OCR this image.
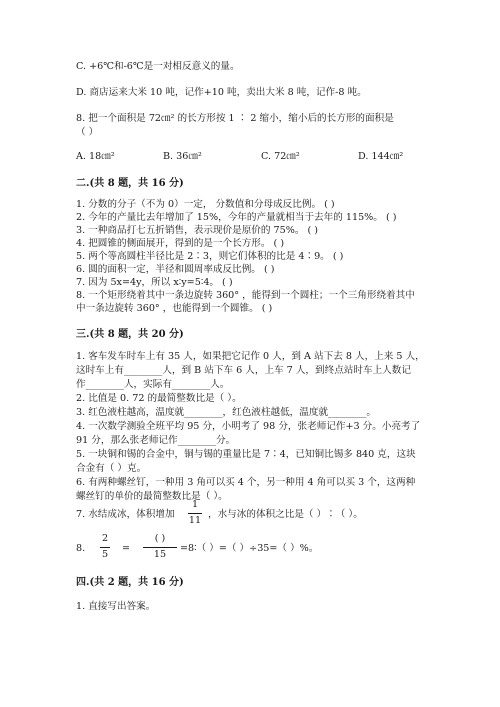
C. +6℃和-6℃是一对相反意义的量。
D. 商店运来大米 10 吨，记作+10 吨，卖出大米 8 吨，记作-8 吨。
8. 把一个面积是 72㎝² 的长方形按 1 ∶ 2 缩小，缩小后的长方形的面积是
（ ）
A. 18㎝²	B. 36㎝²	C. 72㎝²	D. 144㎝²
二.(共 8 题，共 16 分)
1. 分数的分子（不为 0）一定， 分数值和分母成反比例。 ( )
2. 今年的产量比去年增加了 15%，今年的产量就相当于去年的 115%。 ( )
3. 一种商品打七五折销售，表示现价是原价的 75%。 ( )
4. 把圆锥的侧面展开，得到的是一个长方形。 ( )
5. 两个等高圆柱半径比是 2∶3，则它们体积的比是 4∶9。 ( )
6. 圆的面积一定，半径和圆周率成反比例。 ( )
7. 因为 5x=4y，所以 x∶y=5∶4。 ( )
8. 一个矩形绕着其中一条边旋转 360° ，能得到一个圆柱；一个三角形绕着其中
中一条边旋转 360° ，也能得到一个圆锥。 ( )
三.(共 8 题，共 20 分)
1. 客车发车时车上有 35 人，如果把它记作 0 人，到 A 站下去 8 人，上来 5 人，
这时车上有________人，到 B 站下车 6 人，上车 7 人，到终点站时车上人数记
作________人，实际有________人。
2. 比值是 0. 72 的最简整数比是（ ）。
3. 红色液柱越高，温度就________，红色液柱越低，温度就________。
4. 一次数学测验全班平均 95 分，小明考了 98 分，张老师记作+3 分。小亮考了
91 分，那么张老师记作________分。
5. 一块铜和锡的合金中，铜与锡的重量比是 7∶4，已知铜比锡多 840 克，这块
合金有（ ）克。
6. 有两种螺丝钉，一种用 3 角可以买 4 个，另一种用 4 角可以买 3 个，这两种
螺丝钉的单价的最简整数比是（ ）。
7. 水结成冰，体积增加
1
11
，水与冰的体积之比是（ ）∶（ ）。
8.
2
5
=
( )
15
=8∶（ ）=（ ）÷35=（ ）%。
四.(共 2 题，共 16 分)
1. 直接写出答案。
